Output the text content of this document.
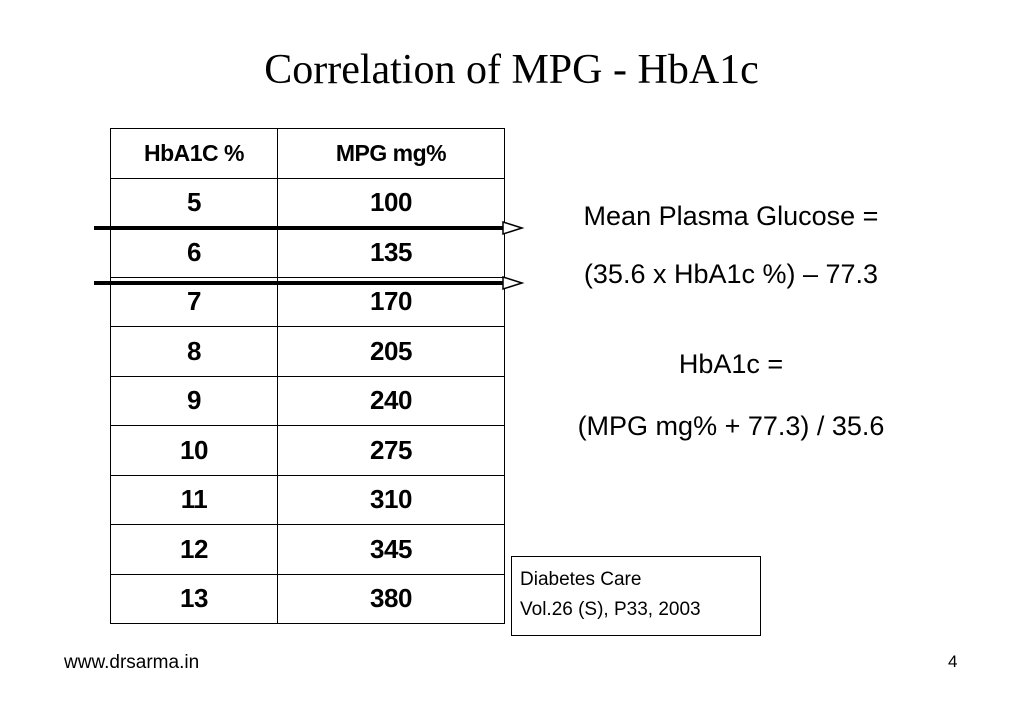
Correlation of MPG - HbA1c
HbA1C %	MPG mg%
5	100
6	135
7	170
8	205
9	240
10	275
11	310
12	345
13	380
Mean Plasma Glucose =
(35.6 x HbA1c %) – 77.3
HbA1c =
(MPG mg% + 77.3) / 35.6
Diabetes Care
Vol.26 (S), P33, 2003
www.drsarma.in	4
